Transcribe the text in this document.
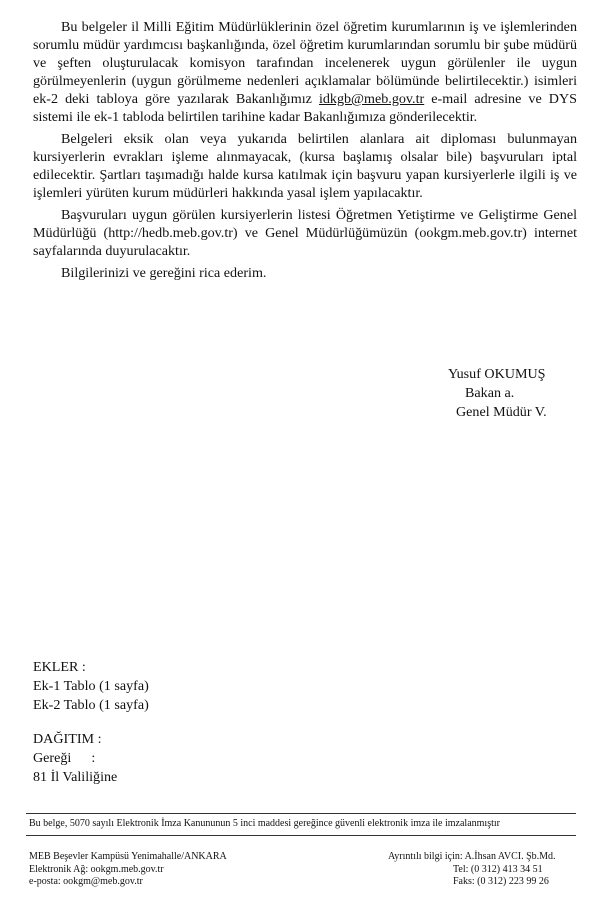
Bu belgeler il Milli Eğitim Müdürlüklerinin özel öğretim kurumlarının iş ve işlemlerinden sorumlu müdür yardımcısı başkanlığında, özel öğretim kurumlarından sorumlu bir şube müdürü ve şeften oluşturulacak komisyon tarafından incelenerek uygun görülenler ile uygun görülmeyenlerin (uygun görülmeme nedenleri açıklamalar bölümünde belirtilecektir.) isimleri ek-2 deki tabloya göre yazılarak Bakanlığımız idkgb@meb.gov.tr e-mail adresine ve DYS sistemi ile ek-1 tabloda belirtilen tarihine kadar Bakanlığımıza gönderilecektir.

Belgeleri eksik olan veya yukarıda belirtilen alanlara ait diploması bulunmayan kursiyerlerin evrakları işleme alınmayacak, (kursa başlamış olsalar bile) başvuruları iptal edilecektir. Şartları taşımadığı halde kursa katılmak için başvuru yapan kursiyerlerle ilgili iş ve işlemleri yürüten kurum müdürleri hakkında yasal işlem yapılacaktır.

Başvuruları uygun görülen kursiyerlerin listesi Öğretmen Yetiştirme ve Geliştirme Genel Müdürlüğü (http://hedb.meb.gov.tr) ve Genel Müdürlüğümüzün (ookgm.meb.gov.tr) internet sayfalarında duyurulacaktır.

Bilgilerinizi ve gereğini rica ederim.

Yusuf OKUMUŞ
Bakan a.
Genel Müdür V.
EKLER :
Ek-1 Tablo (1 sayfa)
Ek-2 Tablo (1 sayfa)
DAĞITIM :
Gereği :
81 İl Valiliğine
Bu belge, 5070 sayılı Elektronik İmza Kanununun 5 inci maddesi gereğince güvenli elektronik imza ile imzalanmıştır
MEB Beşevler Kampüsü Yenimahalle/ANKARA
Elektronik Ağ: ookgm.meb.gov.tr
e-posta: ookgm@meb.gov.tr
Ayrıntılı bilgi için: A.İhsan AVCI. Şb.Md.
Tel: (0 312) 413 34 51
Faks: (0 312) 223 99 26
